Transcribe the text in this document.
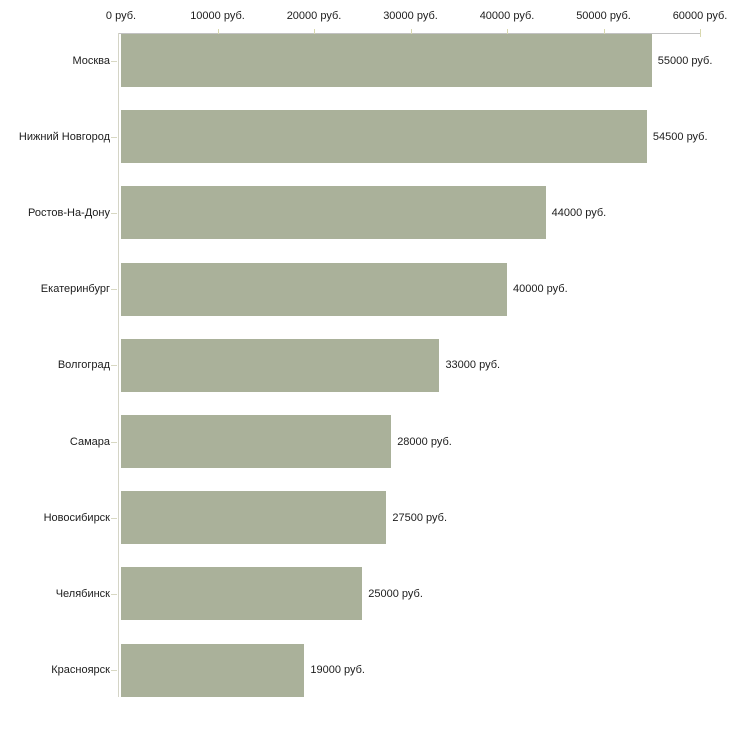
0 руб.	10000 руб.	20000 руб.	30000 руб.	40000 руб.	50000 руб.	60000 руб.
Москва	55000 руб.
Нижний Новгород	54500 руб.
Ростов-На-Дону	44000 руб.
Екатеринбург	40000 руб.
Волгоград	33000 руб.
Самара	28000 руб.
Новосибирск	27500 руб.
Челябинск	25000 руб.
Красноярск	19000 руб.
